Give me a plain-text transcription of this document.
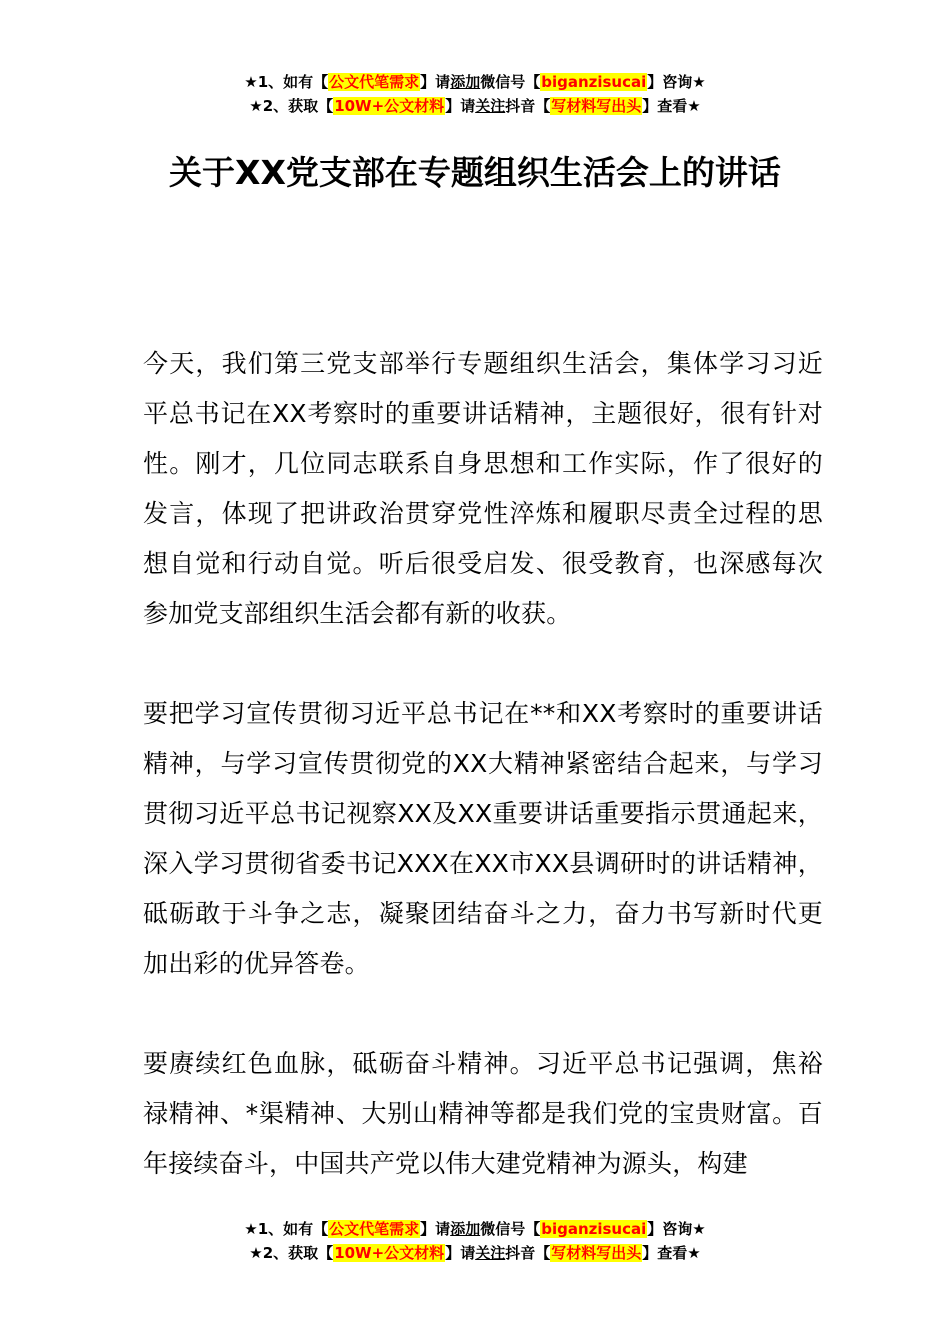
★1、如有【公文代笔需求】请添加微信号【biganzisucai】咨询★
★2、获取【10W+公文材料】请关注抖音【写材料写出头】查看★
关于XX党支部在专题组织生活会上的讲话

今天，我们第三党支部举行专题组织生活会，集体学习习近平总书记在XX考察时的重要讲话精神，主题很好，很有针对性。刚才，几位同志联系自身思想和工作实际，作了很好的发言，体现了把讲政治贯穿党性淬炼和履职尽责全过程的思想自觉和行动自觉。听后很受启发、很受教育，也深感每次参加党支部组织生活会都有新的收获。

要把学习宣传贯彻习近平总书记在**和XX考察时的重要讲话精神，与学习宣传贯彻党的XX大精神紧密结合起来，与学习贯彻习近平总书记视察XX及XX重要讲话重要指示贯通起来，深入学习贯彻省委书记XXX在XX市XX县调研时的讲话精神，砥砺敢于斗争之志，凝聚团结奋斗之力，奋力书写新时代更加出彩的优异答卷。

要赓续红色血脉，砥砺奋斗精神。习近平总书记强调，焦裕禄精神、*渠精神、大别山精神等都是我们党的宝贵财富。百年接续奋斗，中国共产党以伟大建党精神为源头，构建

★1、如有【公文代笔需求】请添加微信号【biganzisucai】咨询★
★2、获取【10W+公文材料】请关注抖音【写材料写出头】查看★
